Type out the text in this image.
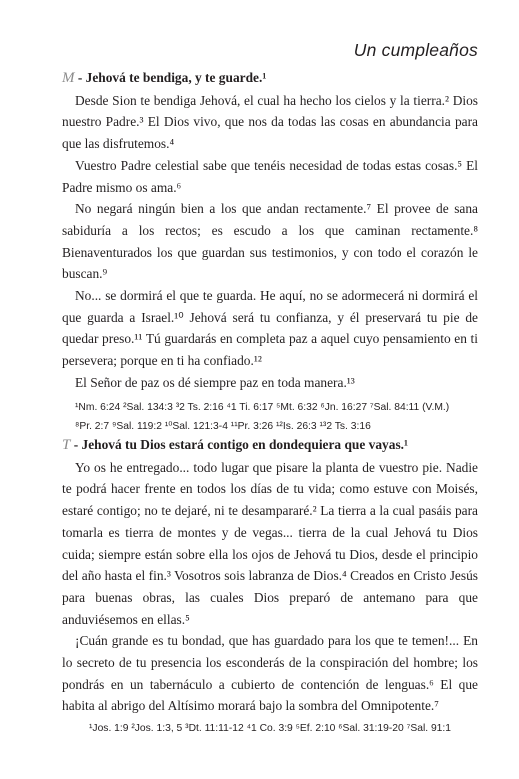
Un cumpleaños
M - Jehová te bendiga, y te guarde.¹

Desde Sion te bendiga Jehová, el cual ha hecho los cielos y la tierra.² Dios nuestro Padre.³ El Dios vivo, que nos da todas las cosas en abundancia para que las disfrutemos.⁴

Vuestro Padre celestial sabe que tenéis necesidad de todas estas cosas.⁵ El Padre mismo os ama.⁶

No negará ningún bien a los que andan rectamente.⁷ El provee de sana sabiduría a los rectos; es escudo a los que caminan rectamente.⁸ Bienaventurados los que guardan sus testimonios, y con todo el corazón le buscan.⁹

No... se dormirá el que te guarda. He aquí, no se adormecerá ni dormirá el que guarda a Israel.¹⁰ Jehová será tu confianza, y él preservará tu pie de quedar preso.¹¹ Tú guardarás en completa paz a aquel cuyo pensamiento en ti persevera; porque en ti ha confiado.¹²

El Señor de paz os dé siempre paz en toda manera.¹³

¹Nm. 6:24 ²Sal. 134:3 ³2 Ts. 2:16 ⁴1 Ti. 6:17 ⁵Mt. 6:32 ⁶Jn. 16:27 ⁷Sal. 84:11 (V.M.)
⁸Pr. 2:7 ⁹Sal. 119:2 ¹⁰Sal. 121:3-4 ¹¹Pr. 3:26 ¹²Is. 26:3 ¹³2 Ts. 3:16
T - Jehová tu Dios estará contigo en dondequiera que vayas.¹

Yo os he entregado... todo lugar que pisare la planta de vuestro pie. Nadie te podrá hacer frente en todos los días de tu vida; como estuve con Moisés, estaré contigo; no te dejaré, ni te desampararé.² La tierra a la cual pasáis para tomarla es tierra de montes y de vegas... tierra de la cual Jehová tu Dios cuida; siempre están sobre ella los ojos de Jehová tu Dios, desde el principio del año hasta el fin.³ Vosotros sois labranza de Dios.⁴ Creados en Cristo Jesús para buenas obras, las cuales Dios preparó de antemano para que anduviésemos en ellas.⁵

¡Cuán grande es tu bondad, que has guardado para los que te temen!... En lo secreto de tu presencia los esconderás de la conspiración del hombre; los pondrás en un tabernáculo a cubierto de contención de lenguas.⁶ El que habita al abrigo del Altísimo morará bajo la sombra del Omnipotente.⁷

¹Jos. 1:9 ²Jos. 1:3, 5 ³Dt. 11:11-12 ⁴1 Co. 3:9 ⁵Ef. 2:10 ⁶Sal. 31:19-20 ⁷Sal. 91:1
